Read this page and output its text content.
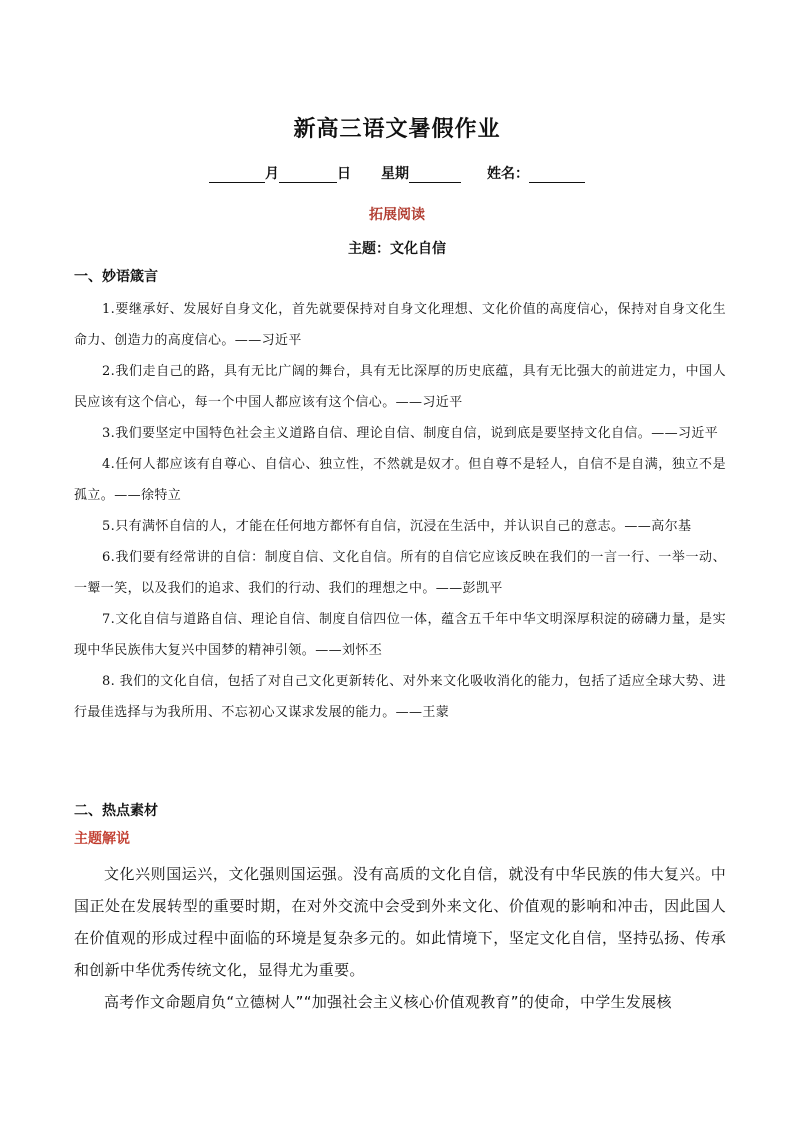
新高三语文暑假作业
月	日 星期	姓名：
拓展阅读
主题：文化自信
一、妙语箴言
1.要继承好、发展好自身文化，首先就要保持对自身文化理想、文化价值的高度信心，保持对自身文化生命力、创造力的高度信心。——习近平
2.我们走自己的路，具有无比广阔的舞台，具有无比深厚的历史底蕴，具有无比强大的前进定力，中国人民应该有这个信心，每一个中国人都应该有这个信心。——习近平
3.我们要坚定中国特色社会主义道路自信、理论自信、制度自信，说到底是要坚持文化自信。——习近平
4.任何人都应该有自尊心、自信心、独立性，不然就是奴才。但自尊不是轻人，自信不是自满，独立不是孤立。——徐特立
5.只有满怀自信的人，才能在任何地方都怀有自信，沉浸在生活中，并认识自己的意志。——高尔基
6.我们要有经常讲的自信：制度自信、文化自信。所有的自信它应该反映在我们的一言一行、一举一动、一颦一笑，以及我们的追求、我们的行动、我们的理想之中。——彭凯平
7.文化自信与道路自信、理论自信、制度自信四位一体，蕴含五千年中华文明深厚积淀的磅礴力量，是实现中华民族伟大复兴中国梦的精神引领。——刘怀丕
8. 我们的文化自信，包括了对自己文化更新转化、对外来文化吸收消化的能力，包括了适应全球大势、进行最佳选择与为我所用、不忘初心又谋求发展的能力。——王蒙
二、热点素材
主题解说
文化兴则国运兴，文化强则国运强。没有高质的文化自信，就没有中华民族的伟大复兴。中国正处在发展转型的重要时期，在对外交流中会受到外来文化、价值观的影响和冲击，因此国人在价值观的形成过程中面临的环境是复杂多元的。如此情境下，坚定文化自信，坚持弘扬、传承和创新中华优秀传统文化，显得尤为重要。
高考作文命题肩负“立德树人”“加强社会主义核心价值观教育”的使命，中学生发展核
